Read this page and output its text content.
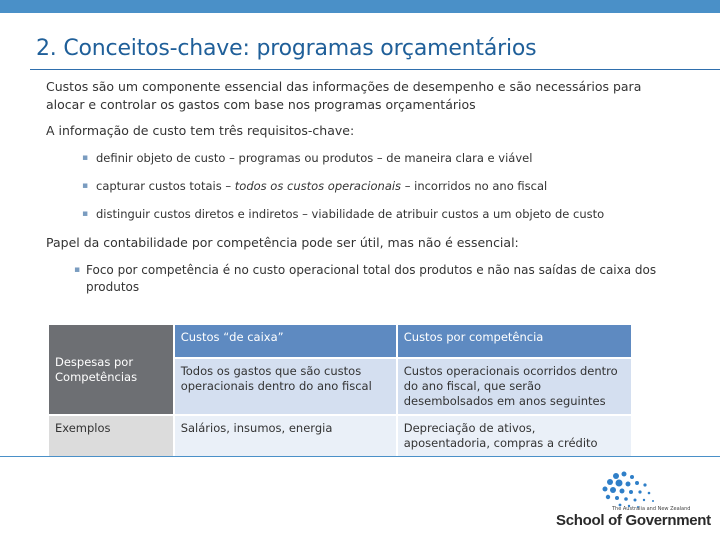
2. Conceitos-chave: programas orçamentários

Custos são um componente essencial das informações de desempenho e são necessários para alocar e controlar os gastos com base nos programas orçamentários

A informação de custo tem três requisitos-chave:

▪ definir objeto de custo – programas ou produtos – de maneira clara e viável
▪ capturar custos totais – todos os custos operacionais – incorridos no ano fiscal
▪ distinguir custos diretos e indiretos – viabilidade de atribuir custos a um objeto de custo

Papel da contabilidade por competência pode ser útil, mas não é essencial:

▪ Foco por competência é no custo operacional total dos produtos e não nas saídas de caixa dos produtos
Despesas por Competências	Custos “de caixa”	Custos por competência
	Todos os gastos que são custos operacionais dentro do ano fiscal	Custos operacionais ocorridos dentro do ano fiscal, que serão desembolsados em anos seguintes
Exemplos	Salários, insumos, energia	Depreciação de ativos, aposentadoria, compras a crédito
The Australia and New Zealand
School of Government
